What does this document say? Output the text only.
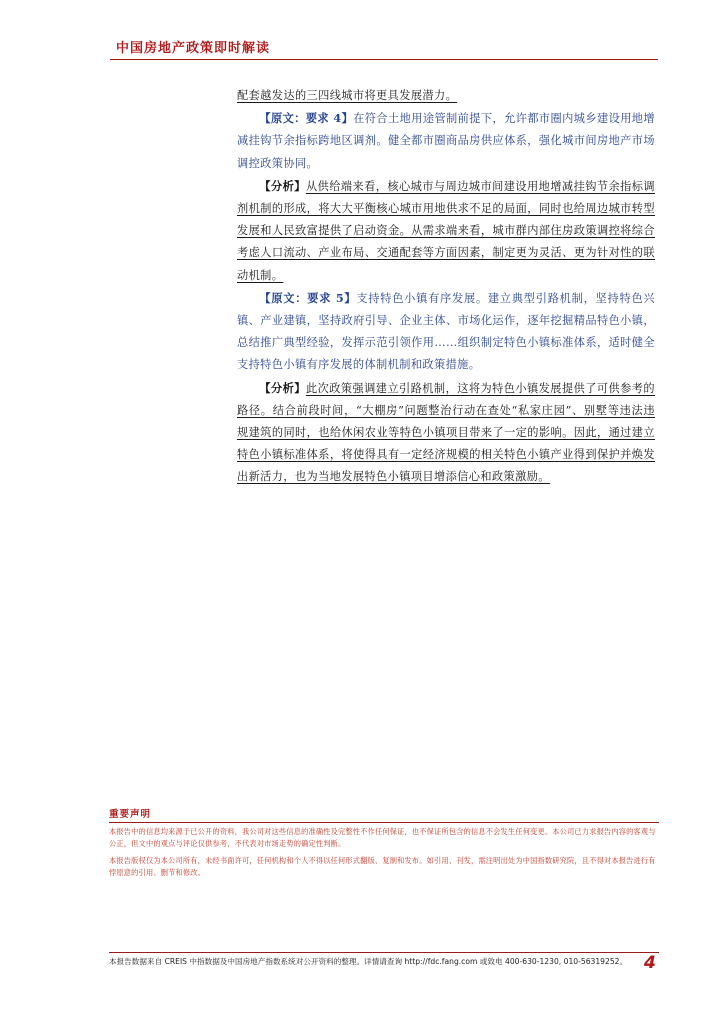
中国房地产政策即时解读

配套越发达的三四线城市将更具发展潜力。

【原文：要求 4】在符合土地用途管制前提下，允许都市圈内城乡建设用地增减挂钩节余指标跨地区调剂。健全都市圈商品房供应体系，强化城市间房地产市场调控政策协同。

【分析】从供给端来看，核心城市与周边城市间建设用地增减挂钩节余指标调剂机制的形成，将大大平衡核心城市用地供求不足的局面，同时也给周边城市转型发展和人民致富提供了启动资金。从需求端来看，城市群内部住房政策调控将综合考虑人口流动、产业布局、交通配套等方面因素，制定更为灵活、更为针对性的联动机制。

【原文：要求 5】支持特色小镇有序发展。建立典型引路机制，坚持特色兴镇、产业建镇，坚持政府引导、企业主体、市场化运作，逐年挖掘精品特色小镇，总结推广典型经验，发挥示范引领作用……组织制定特色小镇标准体系，适时健全支持特色小镇有序发展的体制机制和政策措施。

【分析】此次政策强调建立引路机制，这将为特色小镇发展提供了可供参考的路径。结合前段时间，“大棚房”问题整治行动在查处“私家庄园”、别墅等违法违规建筑的同时，也给休闲农业等特色小镇项目带来了一定的影响。因此，通过建立特色小镇标准体系，将使得具有一定经济规模的相关特色小镇产业得到保护并焕发出新活力，也为当地发展特色小镇项目增添信心和政策激励。

重要声明

本报告中的信息均来源于已公开的资料，我公司对这些信息的准确性及完整性不作任何保证，也不保证所包含的信息不会发生任何变更。本公司已力求报告内容的客观与公正，但文中的观点与评论仅供参考，不代表对市场走势的确定性判断。

本报告版权仅为本公司所有，未经书面许可，任何机构和个人不得以任何形式翻版、复制和发布。如引用、刊发，需注明出处为中国指数研究院，且不得对本报告进行有悖原意的引用、删节和修改。

本报告数据来自 CREIS 中指数据及中国房地产指数系统对公开资料的整理。详情请查询 http://fdc.fang.com 或致电 400-630-1230, 010-56319252。 4
